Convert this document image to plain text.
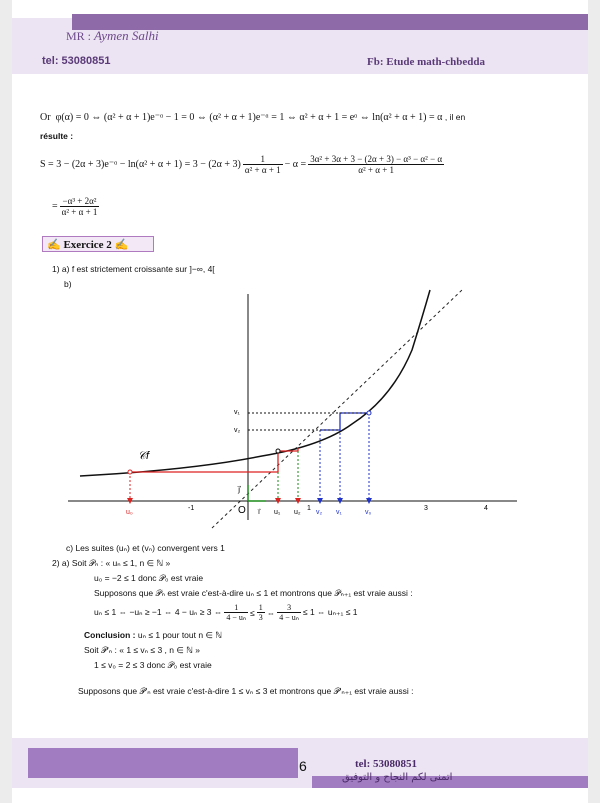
MR : Aymen Salhi
tel: 53080851	Fb: Etude math-chbedda
Or φ(α) = 0 ⇔ (α² + α + 1)e⁻ᵅ − 1 = 0 ⇔ (α² + α + 1)e⁻ᵅ = 1 ⇔ α² + α + 1 = eᵅ ⇔ ln(α² + α + 1) = α , il en
résulte :
S = 3 − (2α + 3)e⁻ᵅ − $\ln(\alpha^2 + \alpha + 1) = 3 - (2\alpha + 3) \frac{1}{\text{α² + α + 1}} - \alpha = \frac{\text{3α² + 3α + 3 − (2α + 3) − α³ − α² − α}}{\text{α² + α + 1}}$
= $\frac{\text{−α³ + 2α²}}{\text{α² + α + 1}}$
✍ Exercice 2 ✍
1) a) f est strictement croissante sur ]−∞, 4[
b)
𝒞f
v₁
v₂
j⃗
u₀
-1	O i⃗ u₁ u₂
1
v₂ v₁	v₀
3	4
c) Les suites (uₙ) et (vₙ) convergent vers 1
2) a) Soit 𝒫ₙ : « uₙ ≤ 1, n ∈ ℕ »
u₀ = −2 ≤ 1 donc 𝒫₀ est vraie
Supposons que 𝒫ₙ est vraie c'est-à-dire uₙ ≤ 1 et montrons que 𝒫ₙ₊₁ est vraie aussi :
uₙ ≤ 1 ⇔ −uₙ ≥ −1 ⇔ 4 − uₙ ≥ 3 ⇔ $\frac{1}{\text{4 − uₙ}} \le \frac{1}{3}$ ⇔ $\frac{3}{\text{4 − uₙ}} \le 1$ ⇔ uₙ₊₁ ≤ 1
Conclusion : uₙ ≤ 1 pour tout n ∈ ℕ
Soit 𝒫'ₙ : « 1 ≤ vₙ ≤ 3 , n ∈ ℕ »
1 ≤ v₀ = 2 ≤ 3 donc 𝒫₀ est vraie
Supposons que 𝒫'ₙ est vraie c'est-à-dire 1 ≤ vₙ ≤ 3 et montrons que 𝒫'ₙ₊₁ est vraie aussi :
6	tel: 53080851
اتمنى لكم النجاح و التوفيق
